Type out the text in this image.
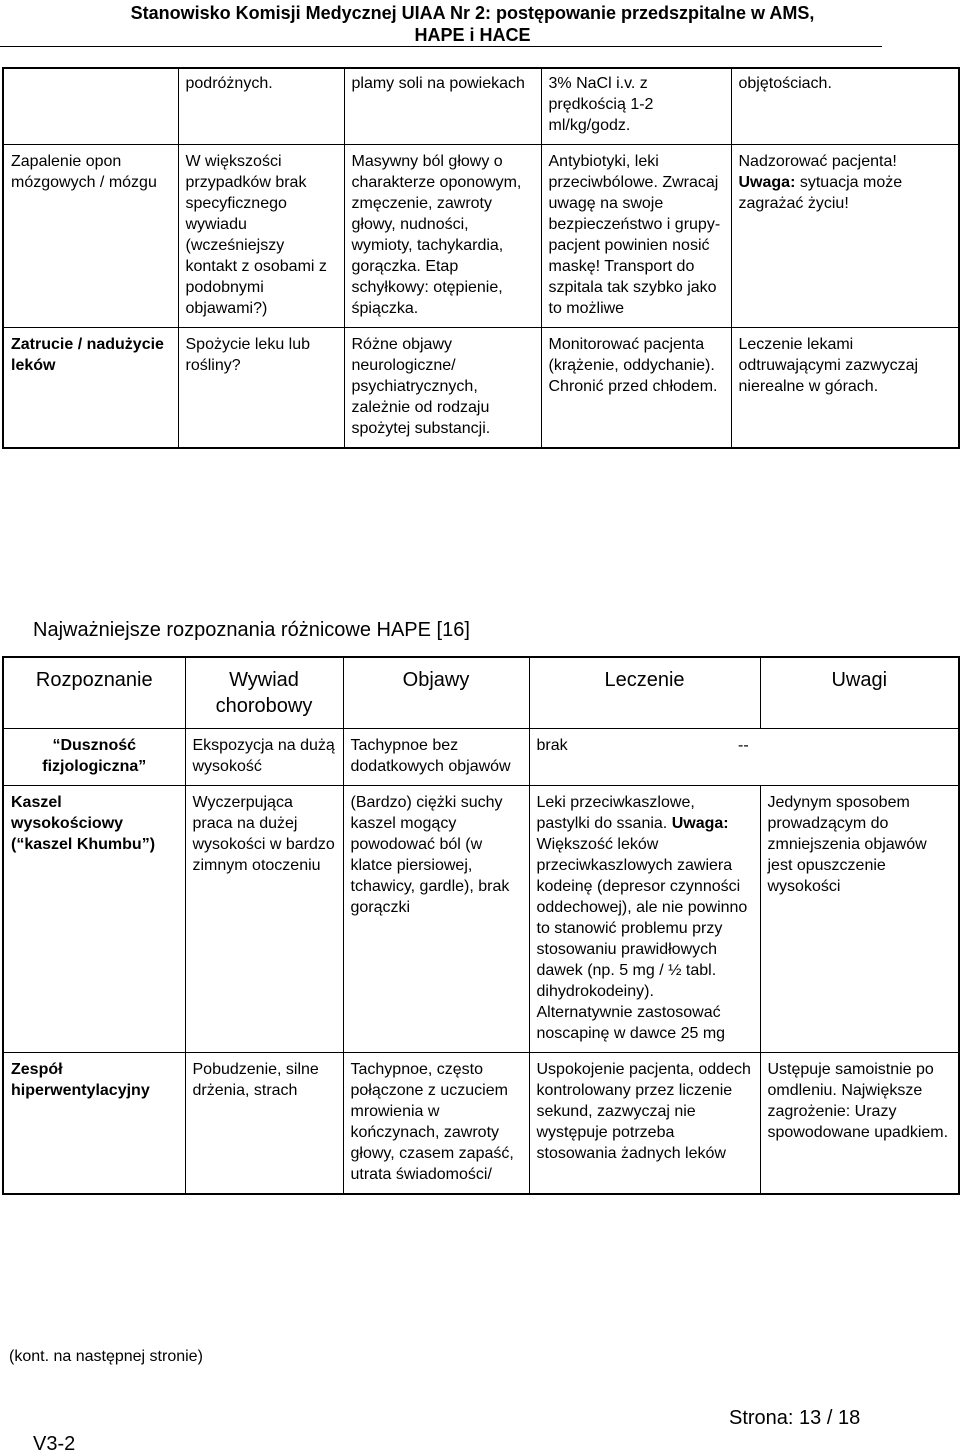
Stanowisko Komisji Medycznej UIAA Nr 2: postępowanie przedszpitalne w AMS,
HAPE i HACE
	podróżnych.	plamy soli na powiekach	3% NaCl i.v. z prędkością 1-2 ml/kg/godz.	objętościach.
Zapalenie opon mózgowych / mózgu	W większości przypadków brak specyficznego wywiadu (wcześniejszy kontakt z osobami z podobnymi objawami?)	Masywny ból głowy o charakterze oponowym, zmęczenie, zawroty głowy, nudności, wymioty, tachykardia, gorączka. Etap schyłkowy: otępienie, śpiączka.	Antybiotyki, leki przeciwbólowe. Zwracaj uwagę na swoje bezpieczeństwo i grupy- pacjent powinien nosić maskę! Transport do szpitala tak szybko jako to możliwe	Nadzorować pacjenta!
Uwaga: sytuacja może zagrażać życiu!
Zatrucie / nadużycie leków	Spożycie leku lub rośliny?	Różne objawy neurologiczne/ psychiatrycznych, zależnie od rodzaju spożytej substancji.	Monitorować pacjenta (krążenie, oddychanie). Chronić przed chłodem.	Leczenie lekami odtruwającymi zazwyczaj nierealne w górach.
Najważniejsze rozpoznania różnicowe HAPE [16]
Rozpoznanie	Wywiad chorobowy	Objawy	Leczenie	Uwagi
“Duszność fizjologiczna”	Ekspozycja na dużą wysokość	Tachypnoe bez dodatkowych objawów	brak	--
Kaszel wysokościowy (“kaszel Khumbu”)	Wyczerpująca praca na dużej wysokości w bardzo zimnym otoczeniu	(Bardzo) ciężki suchy kaszel mogący powodować ból (w klatce piersiowej, tchawicy, gardle), brak gorączki	Leki przeciwkaszlowe, pastylki do ssania. Uwaga: Większość leków przeciwkaszlowych zawiera kodeinę (depresor czynności oddechowej), ale nie powinno to stanowić problemu przy stosowaniu prawidłowych dawek (np. 5 mg / ½ tabl. dihydrokodeiny). Alternatywnie zastosować noscapinę w dawce 25 mg	Jedynym sposobem prowadzącym do zmniejszenia objawów jest opuszczenie wysokości
Zespół hiperwentylacyjny	Pobudzenie, silne drżenia, strach	Tachypnoe, często połączone z uczuciem mrowienia w kończynach, zawroty głowy, czasem zapaść, utrata świadomości/	Uspokojenie pacjenta, oddech kontrolowany przez liczenie sekund, zazwyczaj nie występuje potrzeba stosowania żadnych leków	Ustępuje samoistnie po omdleniu. Największe zagrożenie: Urazy spowodowane upadkiem.
(kont. na następnej stronie)
Strona: 13 / 18
V3-2
